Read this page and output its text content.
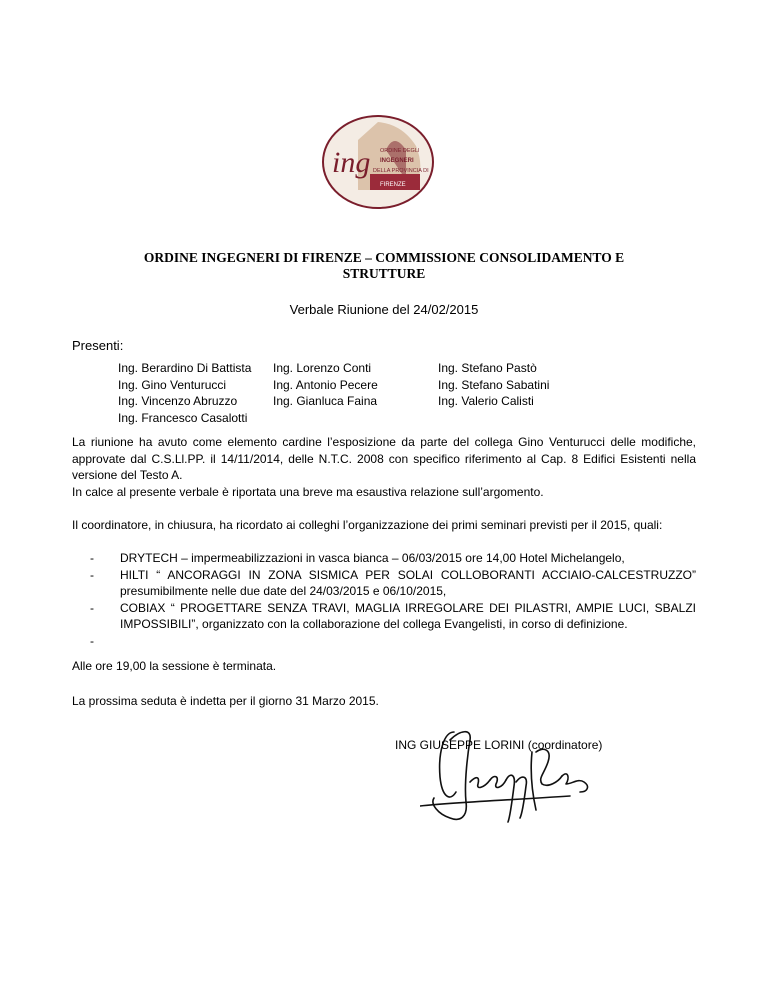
ing ORDINE DEGLI
INGEGNERI
DELLA PROVINCIA DI
FIRENZE
ORDINE INGEGNERI DI FIRENZE – COMMISSIONE CONSOLIDAMENTO E
STRUTTURE
Verbale Riunione del 24/02/2015
Presenti:
Ing. Berardino Di Battista
Ing. Gino Venturucci
Ing. Vincenzo Abruzzo
Ing. Francesco Casalotti
Ing. Lorenzo Conti
Ing. Antonio Pecere
Ing. Gianluca Faina
Ing. Stefano Pastò
Ing. Stefano Sabatini
Ing. Valerio Calisti
La riunione ha avuto come elemento cardine l’esposizione da parte del collega Gino Venturucci delle modifiche, approvate dal C.S.Ll.PP. il 14/11/2014, delle N.T.C. 2008 con specifico riferimento al Cap. 8 Edifici Esistenti nella versione del Testo A.
In calce al presente verbale è riportata una breve ma esaustiva relazione sull’argomento.
Il coordinatore, in chiusura, ha ricordato ai colleghi l’organizzazione dei primi seminari previsti per il 2015, quali:
- DRYTECH – impermeabilizzazioni in vasca bianca – 06/03/2015 ore 14,00 Hotel Michelangelo,
- HILTI “ ANCORAGGI IN ZONA SISMICA PER SOLAI COLLOBORANTI ACCIAIO-CALCESTRUZZO” presumibilmente nelle due date del 24/03/2015 e 06/10/2015,
- COBIAX “ PROGETTARE SENZA TRAVI, MAGLIA IRREGOLARE DEI PILASTRI, AMPIE LUCI, SBALZI IMPOSSIBILI”, organizzato con la collaborazione del collega Evangelisti, in corso di definizione.
-
Alle ore 19,00 la sessione è terminata.
La prossima seduta è indetta per il giorno 31 Marzo 2015.
ING GIUSEPPE LORINI (coordinatore)
